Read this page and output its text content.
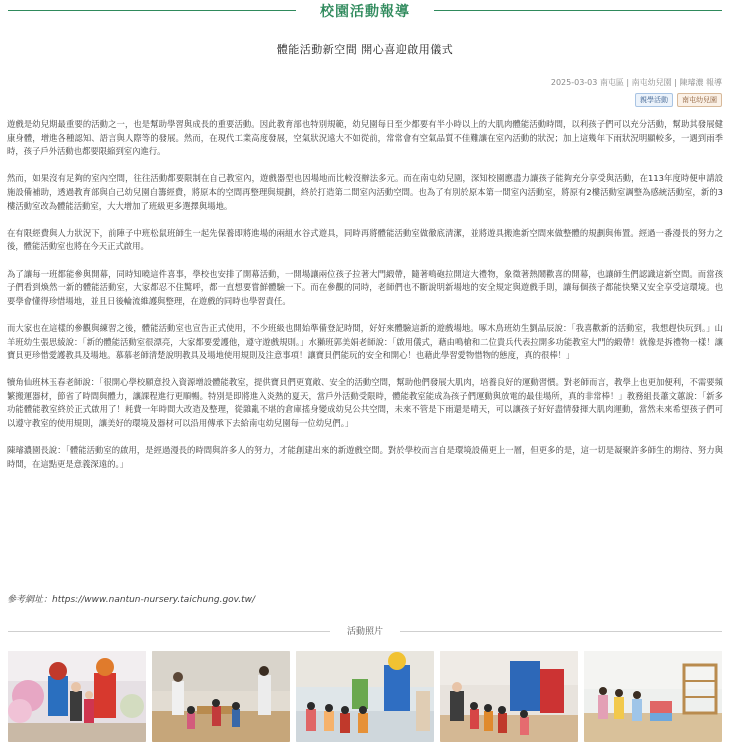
校園活動報導
體能活動新空間 開心喜迎啟用儀式
2025-03-03 南屯區 | 南屯幼兒園 | 陳璿濃 報導
親學活動	南屯幼兒園

遊戲是幼兒期最重要的活動之一，也是幫助學習與成長的重要活動。因此教育部也特別規範，幼兒園每日至少都要有半小時以上的大肌肉體能活動時間，以利孩子們可以充分活動，幫助其發展健康身體，增進各種認知、語言與人際等的發展。然而，在現代工業高度發展，空氣狀況遠大不如從前，常常會有空氣品質不佳難讓在室內活動的狀況；加上這幾年下雨狀況明顯較多，一遇到雨季時，孩子戶外活動也都要限縮到室內進行。

然而，如果沒有足夠的室內空間，往往活動都要限制在自己教室內，遊戲器型也因場地而比較沒辦法多元。而在南屯幼兒園，深知校園應盡力讓孩子能夠充分享受與活動，在113年度時便申請設施設備補助，透過教育部與自己幼兒園自籌經費，將原本的空間再整理與規劃，終於打造第二間室內活動空間。也為了有別於原本第一間室內活動室，將原有2樓活動室調整為感統活動室，新的3樓活動室改為體能活動室，大大增加了班級更多選擇與場地。

在有限經費與人力狀況下，前陣子中班松鼠班師生一起先保養即將進場的兩組水谷式遊具，同時再將體能活動室做徹底清潔，並將遊具搬進新空間來做整體的規劃與佈置。經過一番漫長的努力之後，體能活動室也將在今天正式啟用。

為了讓每一班都能參與開幕，同時知曉這件喜事，學校也安排了開幕活動，一開場讓兩位孩子拉著大門緞帶，隨著鳴砲拉開這大禮物，象徵著熱鬧歡喜的開幕，也讓師生們認識這新空間。而當孩子們看到煥然一新的體能活動室，大家都忍不住驚呼，都一直想要嘗鮮體驗一下。而在參觀的同時，老師們也不斷說明新場地的安全規定與遊戲手則，讓每個孩子都能快樂又安全享受這環境。也要學會懂得珍惜場地，並且日後輪流維護與整理，在遊戲的同時也學習責任。

而大家也在這樣的參觀與練習之後，體能活動室也宣告正式使用，不少班級也開始準備登記時間，好好來體驗這新的遊戲場地。啄木鳥班幼生劉品辰說：「我喜歡新的活動室，我想趕快玩到。」山羊班幼生張思綾說：「新的體能活動室很漂亮，大家都要愛護他，遵守遊戲規則。」水獺班郭美娟老師說：「啟用儀式，藉由鳴槍和二位貴兵代表拉開多功能教室大門的緞帶！就像是拆禮物一樣！讓寶貝更珍惜愛護教具及場地。慕慕老師清楚說明教具及場地使用規則及注意事項！讓寶貝們能玩的安全和開心！也藉此學習愛物惜物的態度，真的很棒！」

犢角仙班林玉春老師說：「很開心學校願意投入資源增設體能教室，提供寶貝們更寬敞、安全的活動空間，幫助他們發展大肌肉，培養良好的運動習慣。對老師而言，教學上也更加便利，不需要頻繁搬運器材，節省了時間與體力，讓課程進行更順暢。特別是即將進入炎熱的夏天，當戶外活動受限時，體能教室能成為孩子們運動與放電的最佳場所，真的非常棒！」教務組長蕭文蕙說：「新多功能體能教室終於正式啟用了！耗費一年時間大改造及整理，從雜亂不堪的倉庫搖身變成幼兒公共空間，未來不管是下雨還是晴天，可以讓孩子好好盡情發揮大肌肉運動，當然未來希望孩子們可以遵守教室的使用規則，讓美好的環境及器材可以沿用傳承下去給南屯幼兒園每一位幼兒們。」

陳璿濃園長說：「體能活動室的啟用，是經過漫長的時間與許多人的努力，才能創建出來的新遊戲空間。對於學校而言自是環境設備更上一層，但更多的是，這一切是凝聚許多師生的期待、努力與時間，在這點更是意義深遠的。」

參考網址：https://www.nantun-nursery.taichung.gov.tw/
活動照片
